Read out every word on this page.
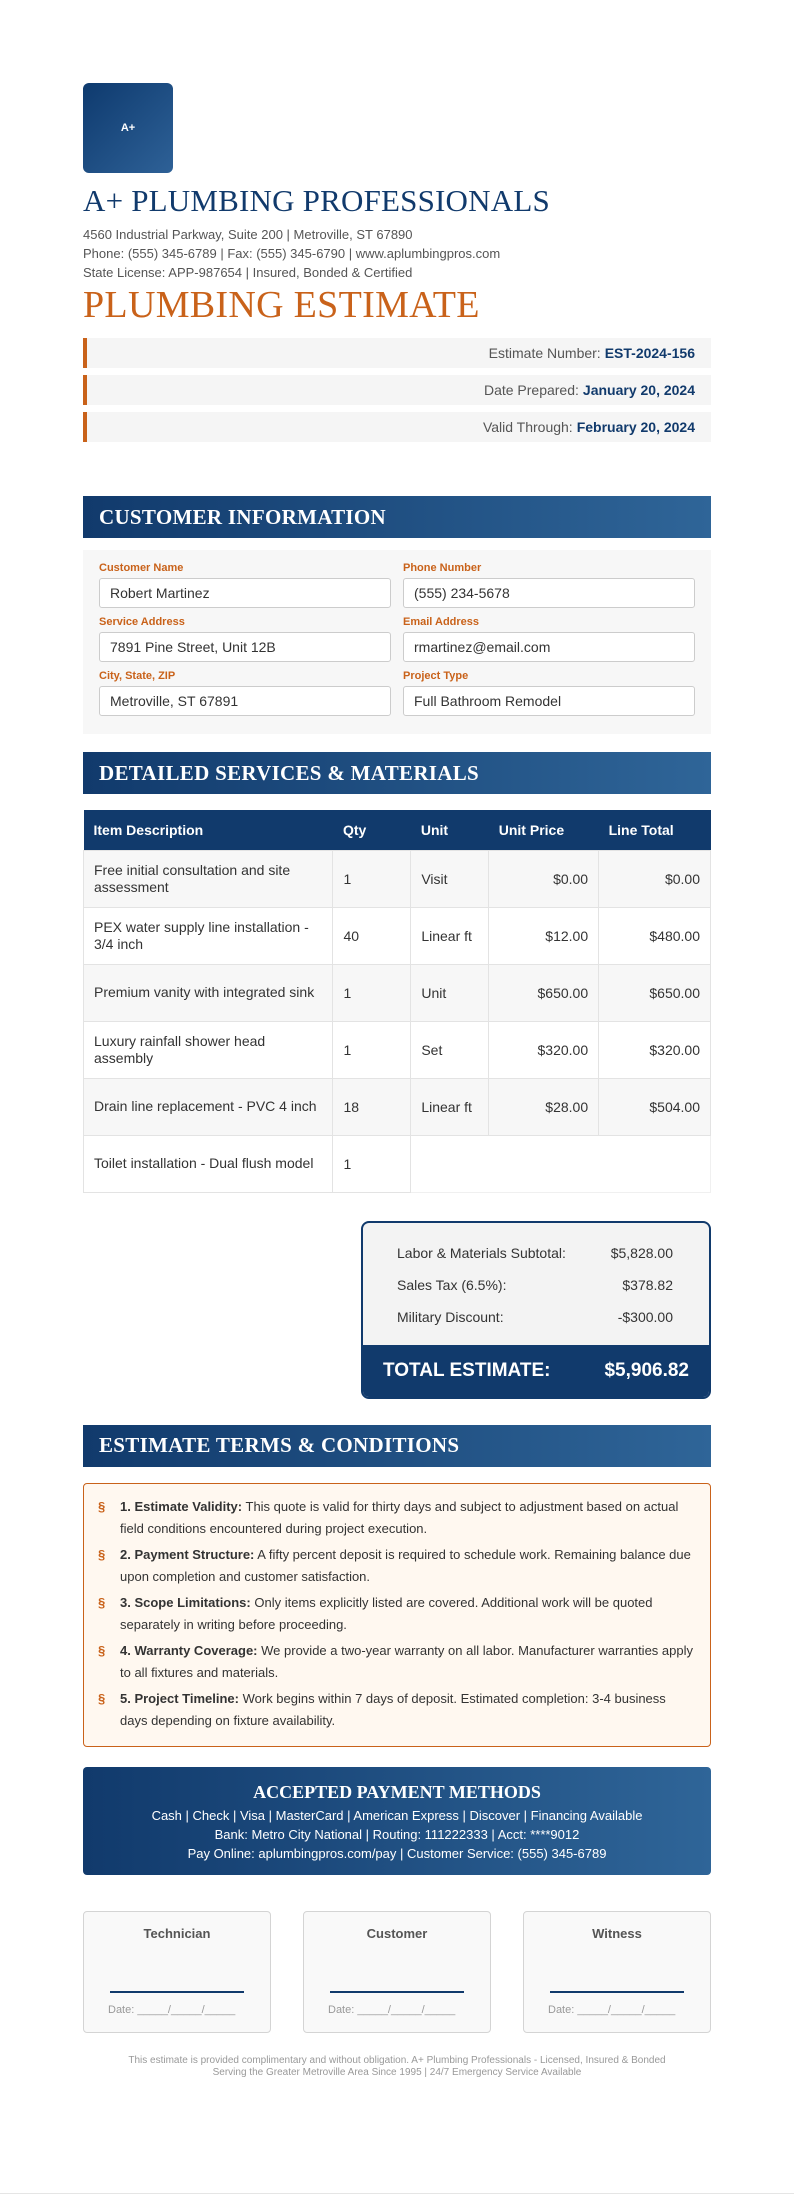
A+
A+ PLUMBING PROFESSIONALS
4560 Industrial Parkway, Suite 200 | Metroville, ST 67890
Phone: (555) 345-6789 | Fax: (555) 345-6790 | www.aplumbingpros.com
State License: APP-987654 | Insured, Bonded & Certified
PLUMBING ESTIMATE
Estimate Number: EST-2024-156
Date Prepared: January 20, 2024
Valid Through: February 20, 2024
CUSTOMER INFORMATION
Customer Name
Robert Martinez
Phone Number
(555) 234-5678
Service Address
7891 Pine Street, Unit 12B
Email Address
rmartinez@email.com
City, State, ZIP
Metroville, ST 67891
Project Type
Full Bathroom Remodel
DETAILED SERVICES & MATERIALS
Item Description	Qty	Unit	Unit Price	Line Total
Free initial consultation and site assessment	1	Visit	$0.00	$0.00
PEX water supply line installation - 3/4 inch	40	Linear ft	$12.00	$480.00
Premium vanity with integrated sink	1	Unit	$650.00	$650.00
Luxury rainfall shower head assembly	1	Set	$320.00	$320.00
Drain line replacement - PVC 4 inch	18	Linear ft	$28.00	$504.00
Toilet installation - Dual flush model	1			
Labor & Materials Subtotal:	$5,828.00
Sales Tax (6.5%):	$378.82
Military Discount:	-$300.00
TOTAL ESTIMATE:	$5,906.82
ESTIMATE TERMS & CONDITIONS
§	1. Estimate Validity: This quote is valid for thirty days and subject to adjustment based on actual field conditions encountered during project execution.
§	2. Payment Structure: A fifty percent deposit is required to schedule work. Remaining balance due upon completion and customer satisfaction.
§	3. Scope Limitations: Only items explicitly listed are covered. Additional work will be quoted separately in writing before proceeding.
§	4. Warranty Coverage: We provide a two-year warranty on all labor. Manufacturer warranties apply to all fixtures and materials.
§	5. Project Timeline: Work begins within 7 days of deposit. Estimated completion: 3-4 business days depending on fixture availability.
ACCEPTED PAYMENT METHODS
Cash | Check | Visa | MasterCard | American Express | Discover | Financing Available
Bank: Metro City National | Routing: 111222333 | Acct: ****9012
Pay Online: aplumbingpros.com/pay | Customer Service: (555) 345-6789
Technician
Date: _____/_____/_____
Customer
Date: _____/_____/_____
Witness
Date: _____/_____/_____
This estimate is provided complimentary and without obligation. A+ Plumbing Professionals - Licensed, Insured & Bonded
Serving the Greater Metroville Area Since 1995 | 24/7 Emergency Service Available
